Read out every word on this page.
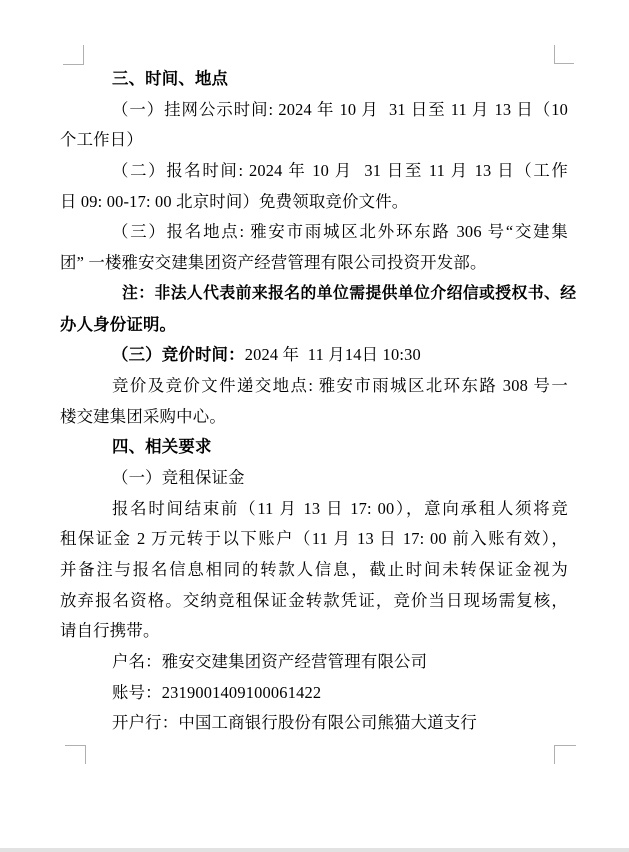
三、时间、地点
（一）挂网公示时间: 2024 年 10 月  31 日至 11 月 13 日（10
个工作日）
（二）报名时间: 2024 年 10 月  31 日至 11 月 13 日（工作
日 09: 00-17: 00 北京时间）免费领取竞价文件。
（三）报名地点: 雅安市雨城区北外环东路 306 号“交建集
团” 一楼雅安交建集团资产经营管理有限公司投资开发部。
注：非法人代表前来报名的单位需提供单位介绍信或授权书、经
办人身份证明。
（三）竞价时间：2024 年  11 月14日 10:30
竞价及竞价文件递交地点: 雅安市雨城区北环东路 308 号一
楼交建集团采购中心。
四、相关要求
（一）竞租保证金
报名时间结束前（11 月 13 日 17: 00），意向承租人须将竞
租保证金 2 万元转于以下账户（11 月 13 日 17: 00 前入账有效），
并备注与报名信息相同的转款人信息，截止时间未转保证金视为
放弃报名资格。交纳竞租保证金转款凭证，竞价当日现场需复核，
请自行携带。
户名：雅安交建集团资产经营管理有限公司
账号：2319001409100061422
开户行：中国工商银行股份有限公司熊猫大道支行
